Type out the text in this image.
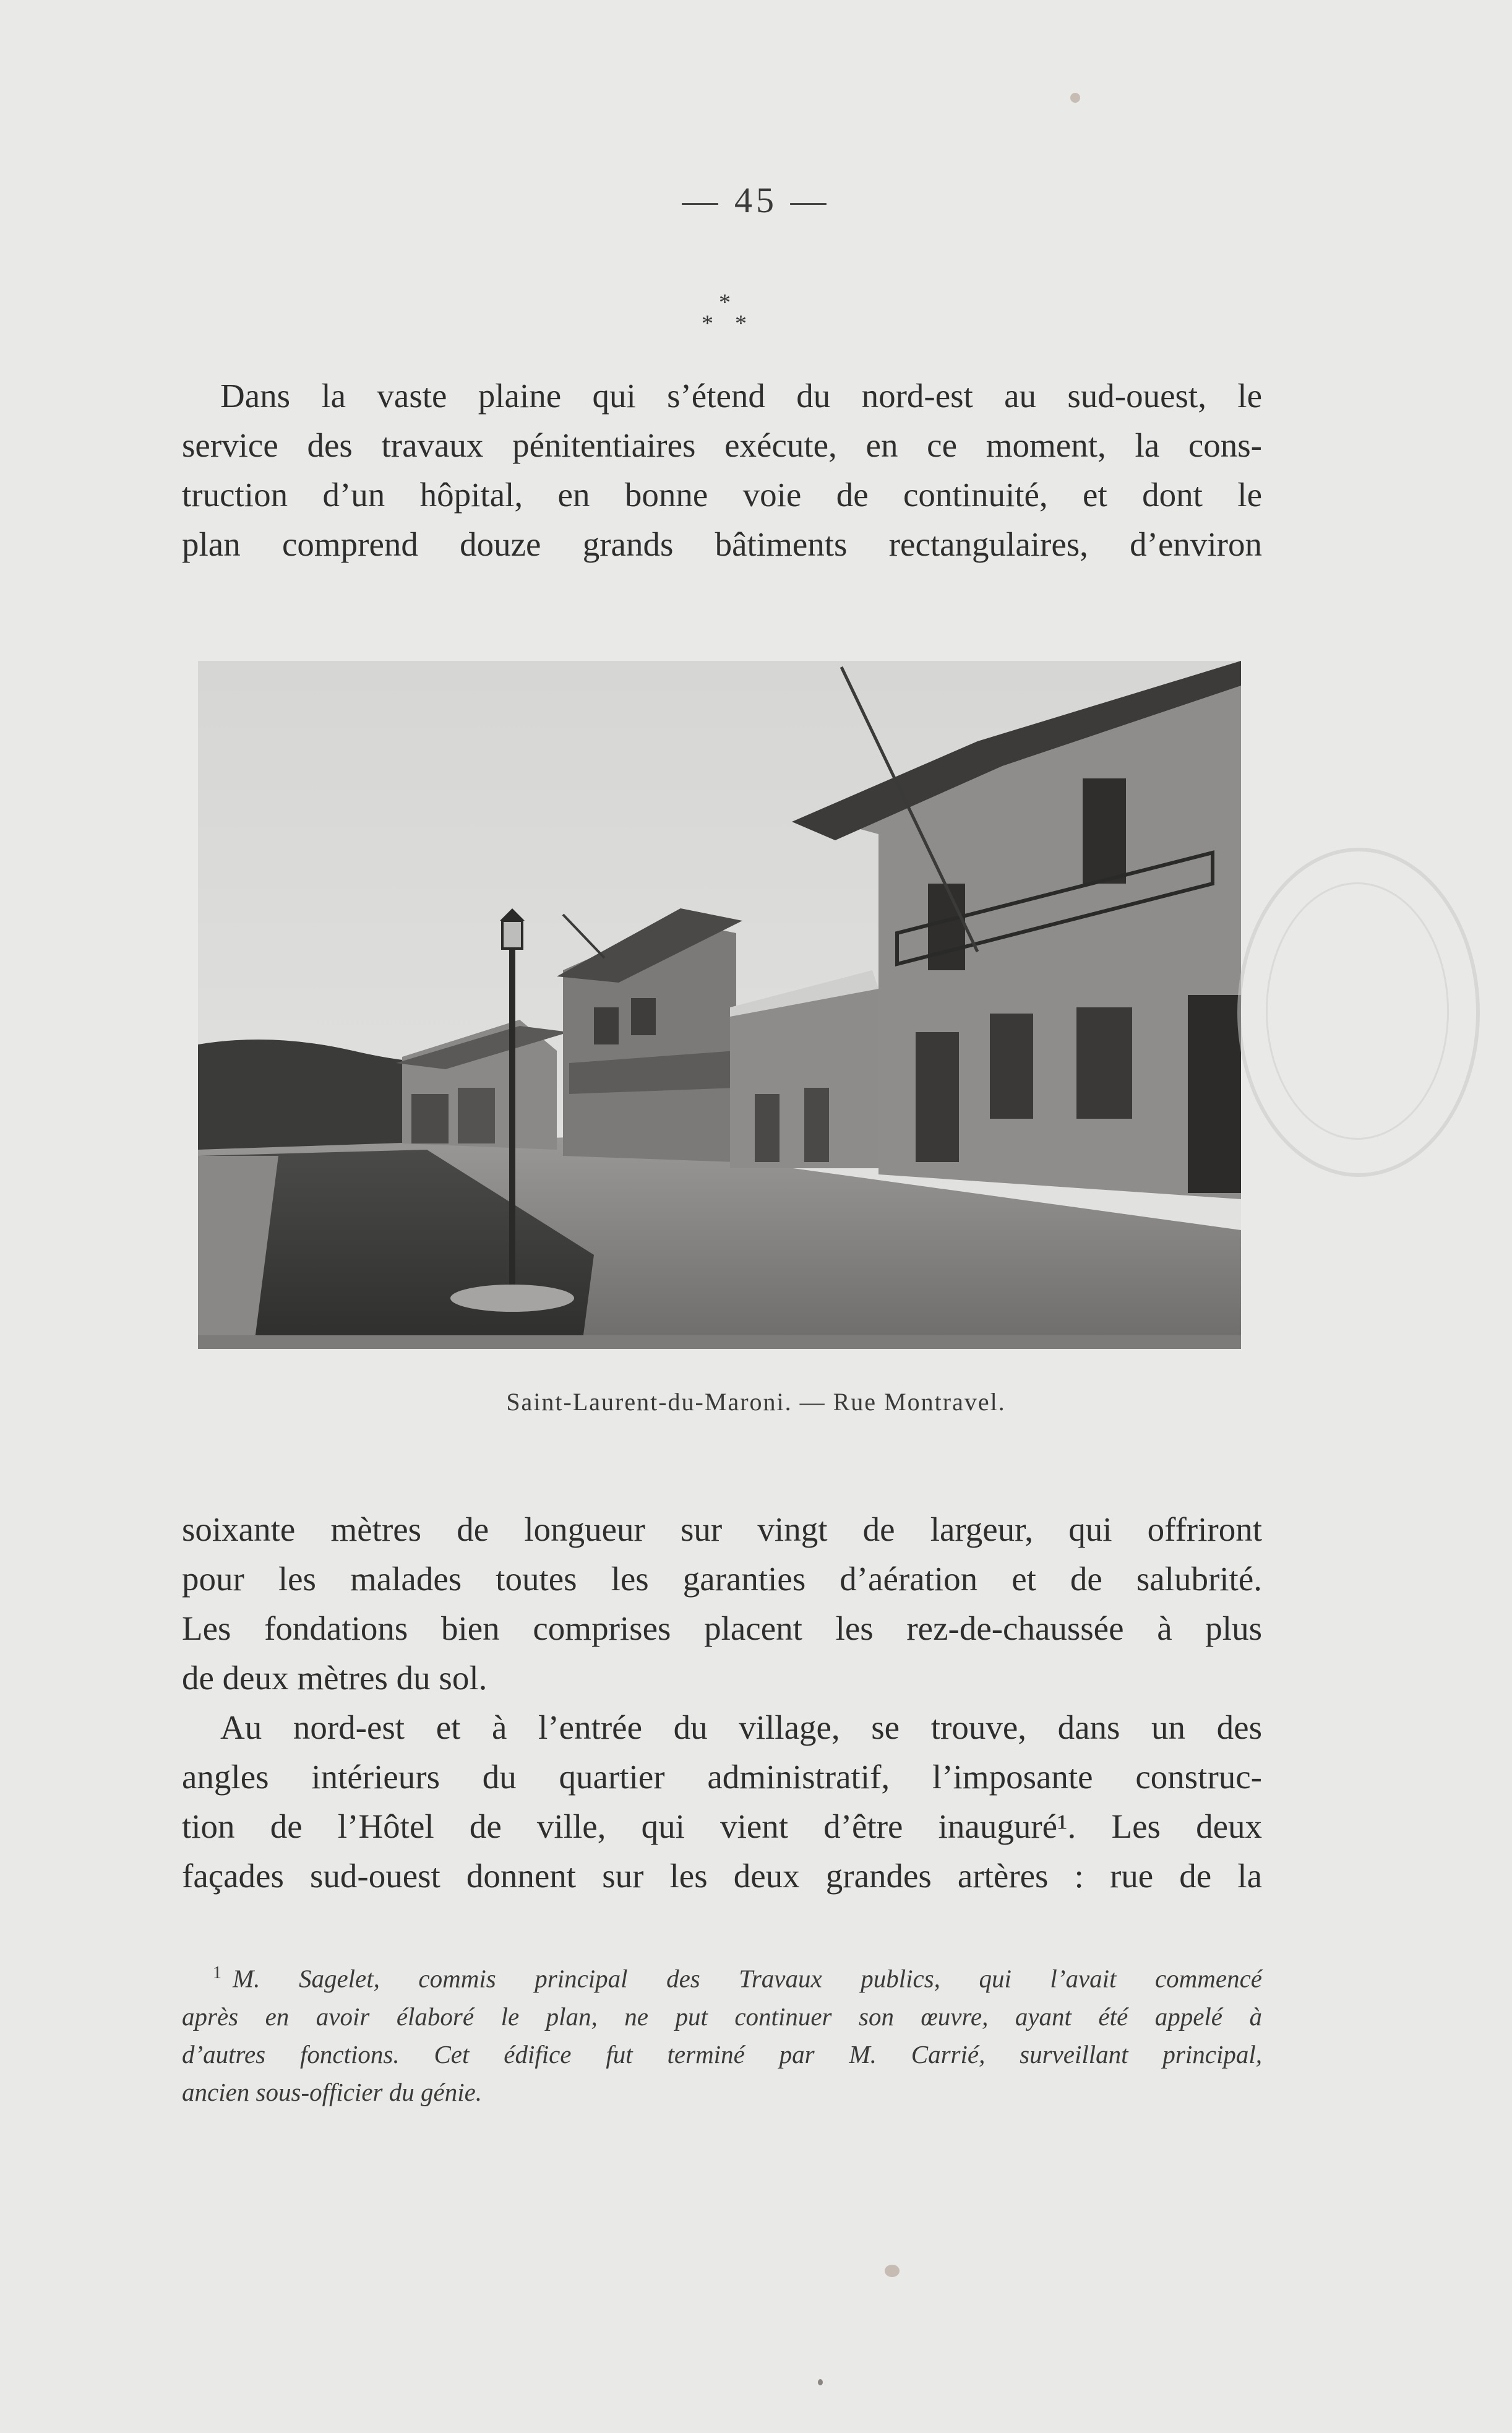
— 45 —
*
* *
Dans la vaste plaine qui s’étend du nord-est au sud-ouest, le
service des travaux pénitentiaires exécute, en ce moment, la cons-
truction d’un hôpital, en bonne voie de continuité, et dont le
plan comprend douze grands bâtiments rectangulaires, d’environ
Saint-Laurent-du-Maroni. — Rue Montravel.
soixante mètres de longueur sur vingt de largeur, qui offriront
pour les malades toutes les garanties d’aération et de salubrité.
Les fondations bien comprises placent les rez-de-chaussée à plus
de deux mètres du sol.
Au nord-est et à l’entrée du village, se trouve, dans un des
angles intérieurs du quartier administratif, l’imposante construc-
tion de l’Hôtel de ville, qui vient d’être inauguré¹. Les deux
façades sud-ouest donnent sur les deux grandes artères : rue de la
$^1$ M. Sagelet, commis principal des Travaux publics, qui l’avait commencé
après en avoir élaboré le plan, ne put continuer son œuvre, ayant été appelé à
d’autres fonctions. Cet édifice fut terminé par M. Carrié, surveillant principal,
ancien sous-officier du génie.
